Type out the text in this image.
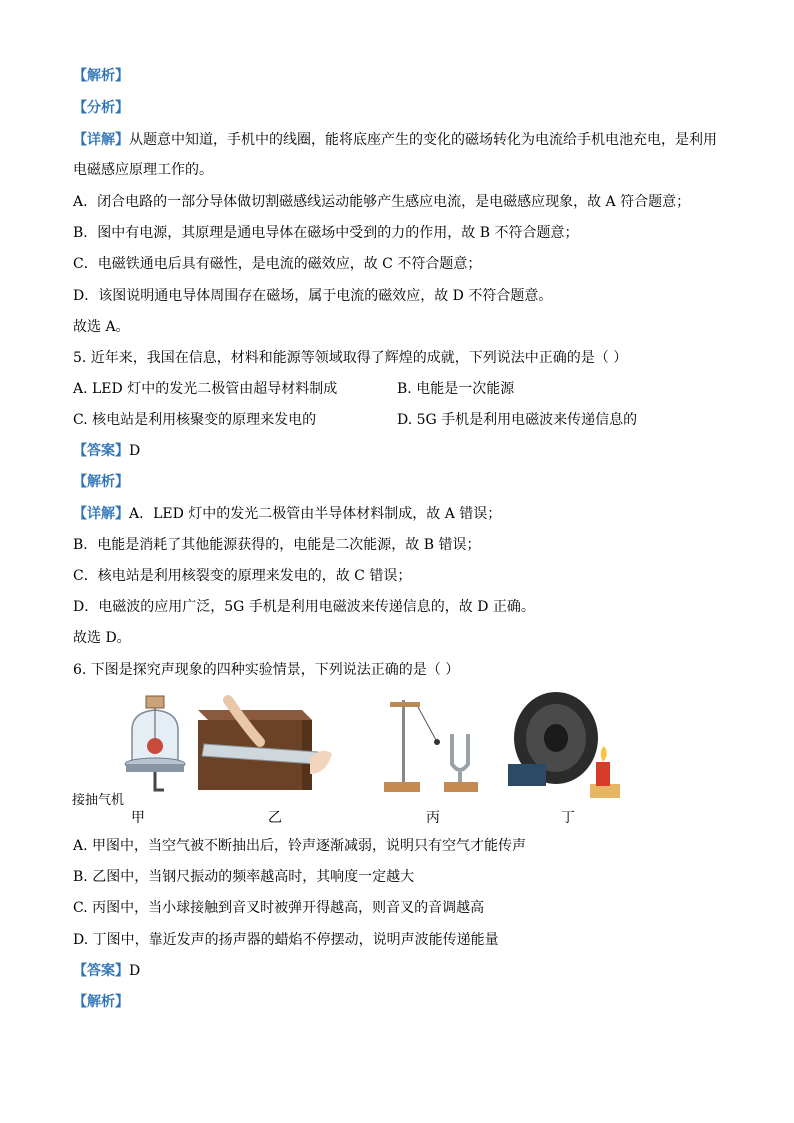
【解析】
【分析】
【详解】从题意中知道，手机中的线圈，能将底座产生的变化的磁场转化为电流给手机电池充电，是利用
电磁感应原理工作的。
A．闭合电路的一部分导体做切割磁感线运动能够产生感应电流，是电磁感应现象，故 A 符合题意；
B．图中有电源，其原理是通电导体在磁场中受到的力的作用，故 B 不符合题意；
C．电磁铁通电后具有磁性，是电流的磁效应，故 C 不符合题意；
D．该图说明通电导体周围存在磁场，属于电流的磁效应，故 D 不符合题意。
故选 A。
5. 近年来，我国在信息，材料和能源等领域取得了辉煌的成就，下列说法中正确的是（ ）
A. LED 灯中的发光二极管由超导材料制成	B. 电能是一次能源
C. 核电站是利用核聚变的原理来发电的	D. 5G 手机是利用电磁波来传递信息的
【答案】D
【解析】
【详解】A．LED 灯中的发光二极管由半导体材料制成，故 A 错误；
B．电能是消耗了其他能源获得的，电能是二次能源，故 B 错误；
C．核电站是利用核裂变的原理来发电的，故 C 错误；
D．电磁波的应用广泛，5G 手机是利用电磁波来传递信息的，故 D 正确。
故选 D。
6. 下图是探究声现象的四种实验情景，下列说法正确的是（ ）
接抽气机
甲	乙	丙	丁
A. 甲图中，当空气被不断抽出后，铃声逐渐减弱，说明只有空气才能传声
B. 乙图中，当钢尺振动的频率越高时，其响度一定越大
C. 丙图中，当小球接触到音叉时被弹开得越高，则音叉的音调越高
D. 丁图中，靠近发声的扬声器的蜡焰不停摆动，说明声波能传递能量
【答案】D
【解析】
